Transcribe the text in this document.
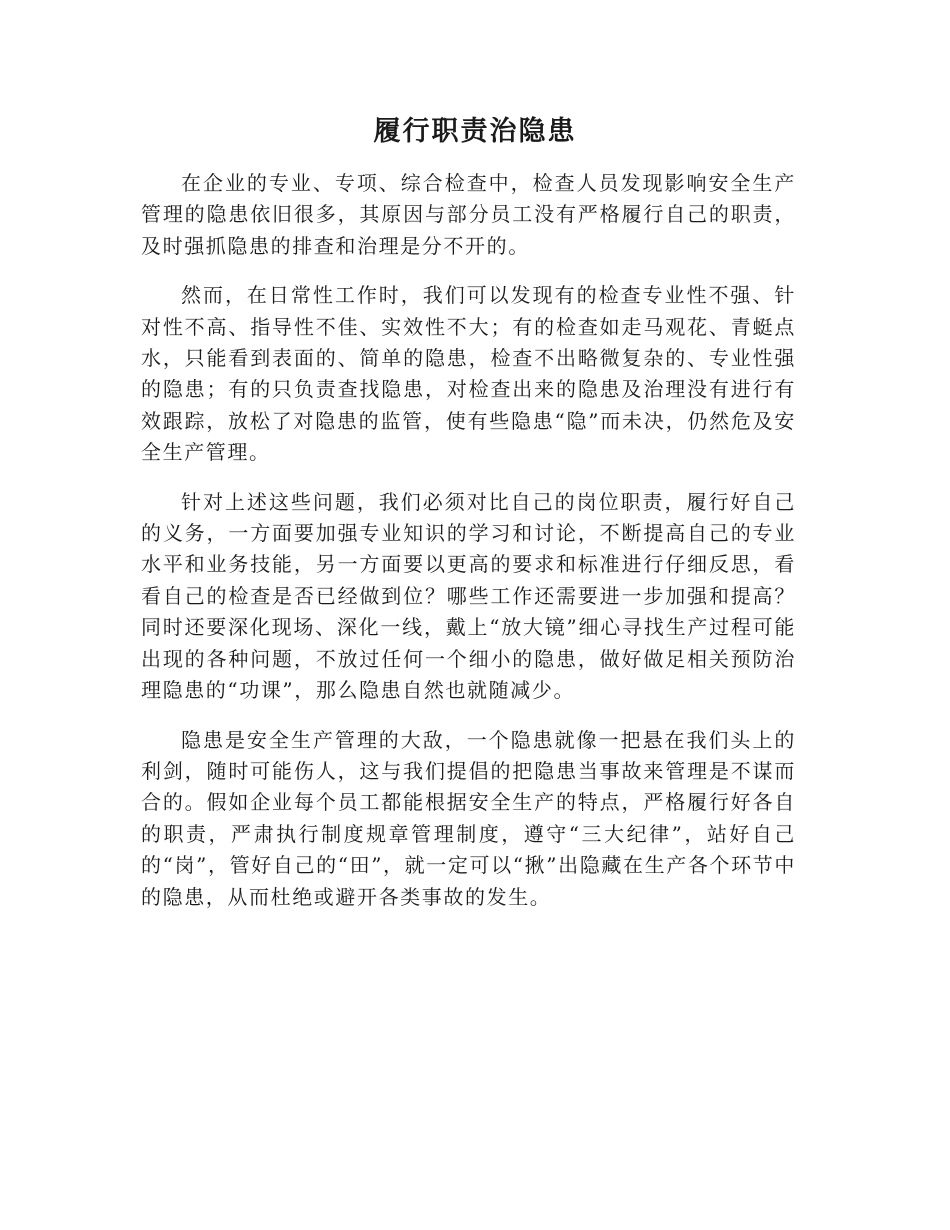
履行职责治隐患

在企业的专业、专项、综合检查中，检查人员发现影响安全生产管理的隐患依旧很多，其原因与部分员工没有严格履行自己的职责，及时强抓隐患的排查和治理是分不开的。

然而，在日常性工作时，我们可以发现有的检查专业性不强、针对性不高、指导性不佳、实效性不大；有的检查如走马观花、青蜓点水，只能看到表面的、简单的隐患，检查不出略微复杂的、专业性强的隐患；有的只负责查找隐患，对检查出来的隐患及治理没有进行有效跟踪，放松了对隐患的监管，使有些隐患“隐”而未决，仍然危及安全生产管理。

针对上述这些问题，我们必须对比自己的岗位职责，履行好自己的义务，一方面要加强专业知识的学习和讨论，不断提高自己的专业水平和业务技能，另一方面要以更高的要求和标准进行仔细反思，看看自己的检查是否已经做到位？哪些工作还需要进一步加强和提高？同时还要深化现场、深化一线，戴上“放大镜”细心寻找生产过程可能出现的各种问题，不放过任何一个细小的隐患，做好做足相关预防治理隐患的“功课”，那么隐患自然也就随减少。

隐患是安全生产管理的大敌，一个隐患就像一把悬在我们头上的利剑，随时可能伤人，这与我们提倡的把隐患当事故来管理是不谋而合的。假如企业每个员工都能根据安全生产的特点，严格履行好各自的职责，严肃执行制度规章管理制度，遵守“三大纪律”，站好自己的“岗”，管好自己的“田”，就一定可以“揪”出隐藏在生产各个环节中的隐患，从而杜绝或避开各类事故的发生。
